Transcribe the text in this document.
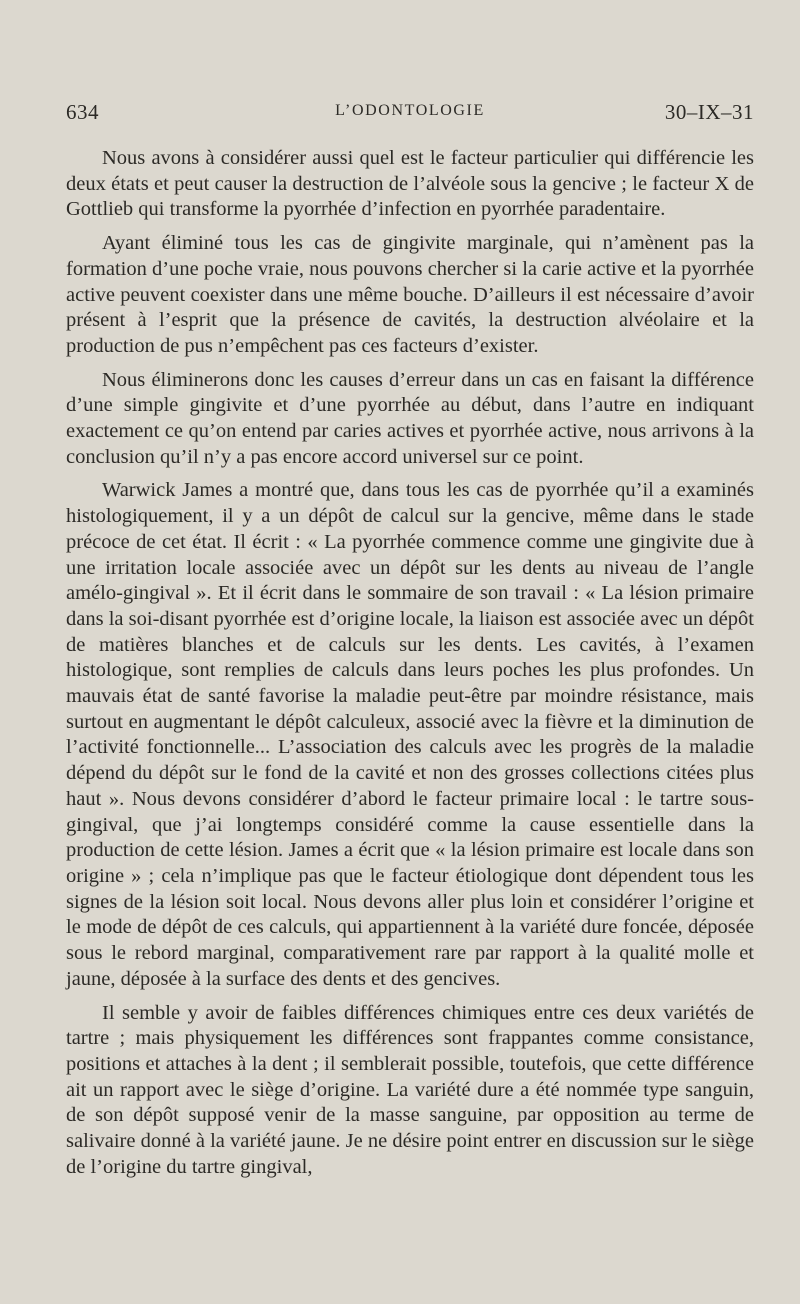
634	L’ODONTOLOGIE	30–IX–31

Nous avons à considérer aussi quel est le facteur particulier qui différencie les deux états et peut causer la destruction de l’alvéole sous la gencive ; le facteur X de Gottlieb qui transforme la pyorrhée d’infection en pyorrhée paradentaire.

Ayant éliminé tous les cas de gingivite marginale, qui n’amènent pas la formation d’une poche vraie, nous pouvons chercher si la carie active et la pyorrhée active peuvent coexister dans une même bouche. D’ailleurs il est nécessaire d’avoir présent à l’esprit que la présence de cavités, la destruction alvéolaire et la production de pus n’empêchent pas ces facteurs d’exister.

Nous éliminerons donc les causes d’erreur dans un cas en faisant la différence d’une simple gingivite et d’une pyorrhée au début, dans l’autre en indiquant exactement ce qu’on entend par caries actives et pyorrhée active, nous arrivons à la conclusion qu’il n’y a pas encore accord universel sur ce point.

Warwick James a montré que, dans tous les cas de pyorrhée qu’il a examinés histologiquement, il y a un dépôt de calcul sur la gencive, même dans le stade précoce de cet état. Il écrit : « La pyorrhée commence comme une gingivite due à une irritation locale associée avec un dépôt sur les dents au niveau de l’angle amélo-gingival ». Et il écrit dans le sommaire de son travail : « La lésion primaire dans la soi-disant pyorrhée est d’origine locale, la liaison est associée avec un dépôt de matières blanches et de calculs sur les dents. Les cavités, à l’examen histologique, sont remplies de calculs dans leurs poches les plus profondes. Un mauvais état de santé favorise la maladie peut-être par moindre résistance, mais surtout en augmentant le dépôt calculeux, associé avec la fièvre et la diminution de l’activité fonctionnelle... L’association des calculs avec les progrès de la maladie dépend du dépôt sur le fond de la cavité et non des grosses collections citées plus haut ». Nous devons considérer d’abord le facteur primaire local : le tartre sous-gingival, que j’ai longtemps considéré comme la cause essentielle dans la production de cette lésion. James a écrit que « la lésion primaire est locale dans son origine » ; cela n’implique pas que le facteur étiologique dont dépendent tous les signes de la lésion soit local. Nous devons aller plus loin et considérer l’origine et le mode de dépôt de ces calculs, qui appartiennent à la variété dure foncée, déposée sous le rebord marginal, comparativement rare par rapport à la qualité molle et jaune, déposée à la surface des dents et des gencives.

Il semble y avoir de faibles différences chimiques entre ces deux variétés de tartre ; mais physiquement les différences sont frappantes comme consistance, positions et attaches à la dent ; il semblerait possible, toutefois, que cette différence ait un rapport avec le siège d’origine. La variété dure a été nommée type sanguin, de son dépôt supposé venir de la masse sanguine, par opposition au terme de salivaire donné à la variété jaune. Je ne désire point entrer en discussion sur le siège de l’origine du tartre gingival,
